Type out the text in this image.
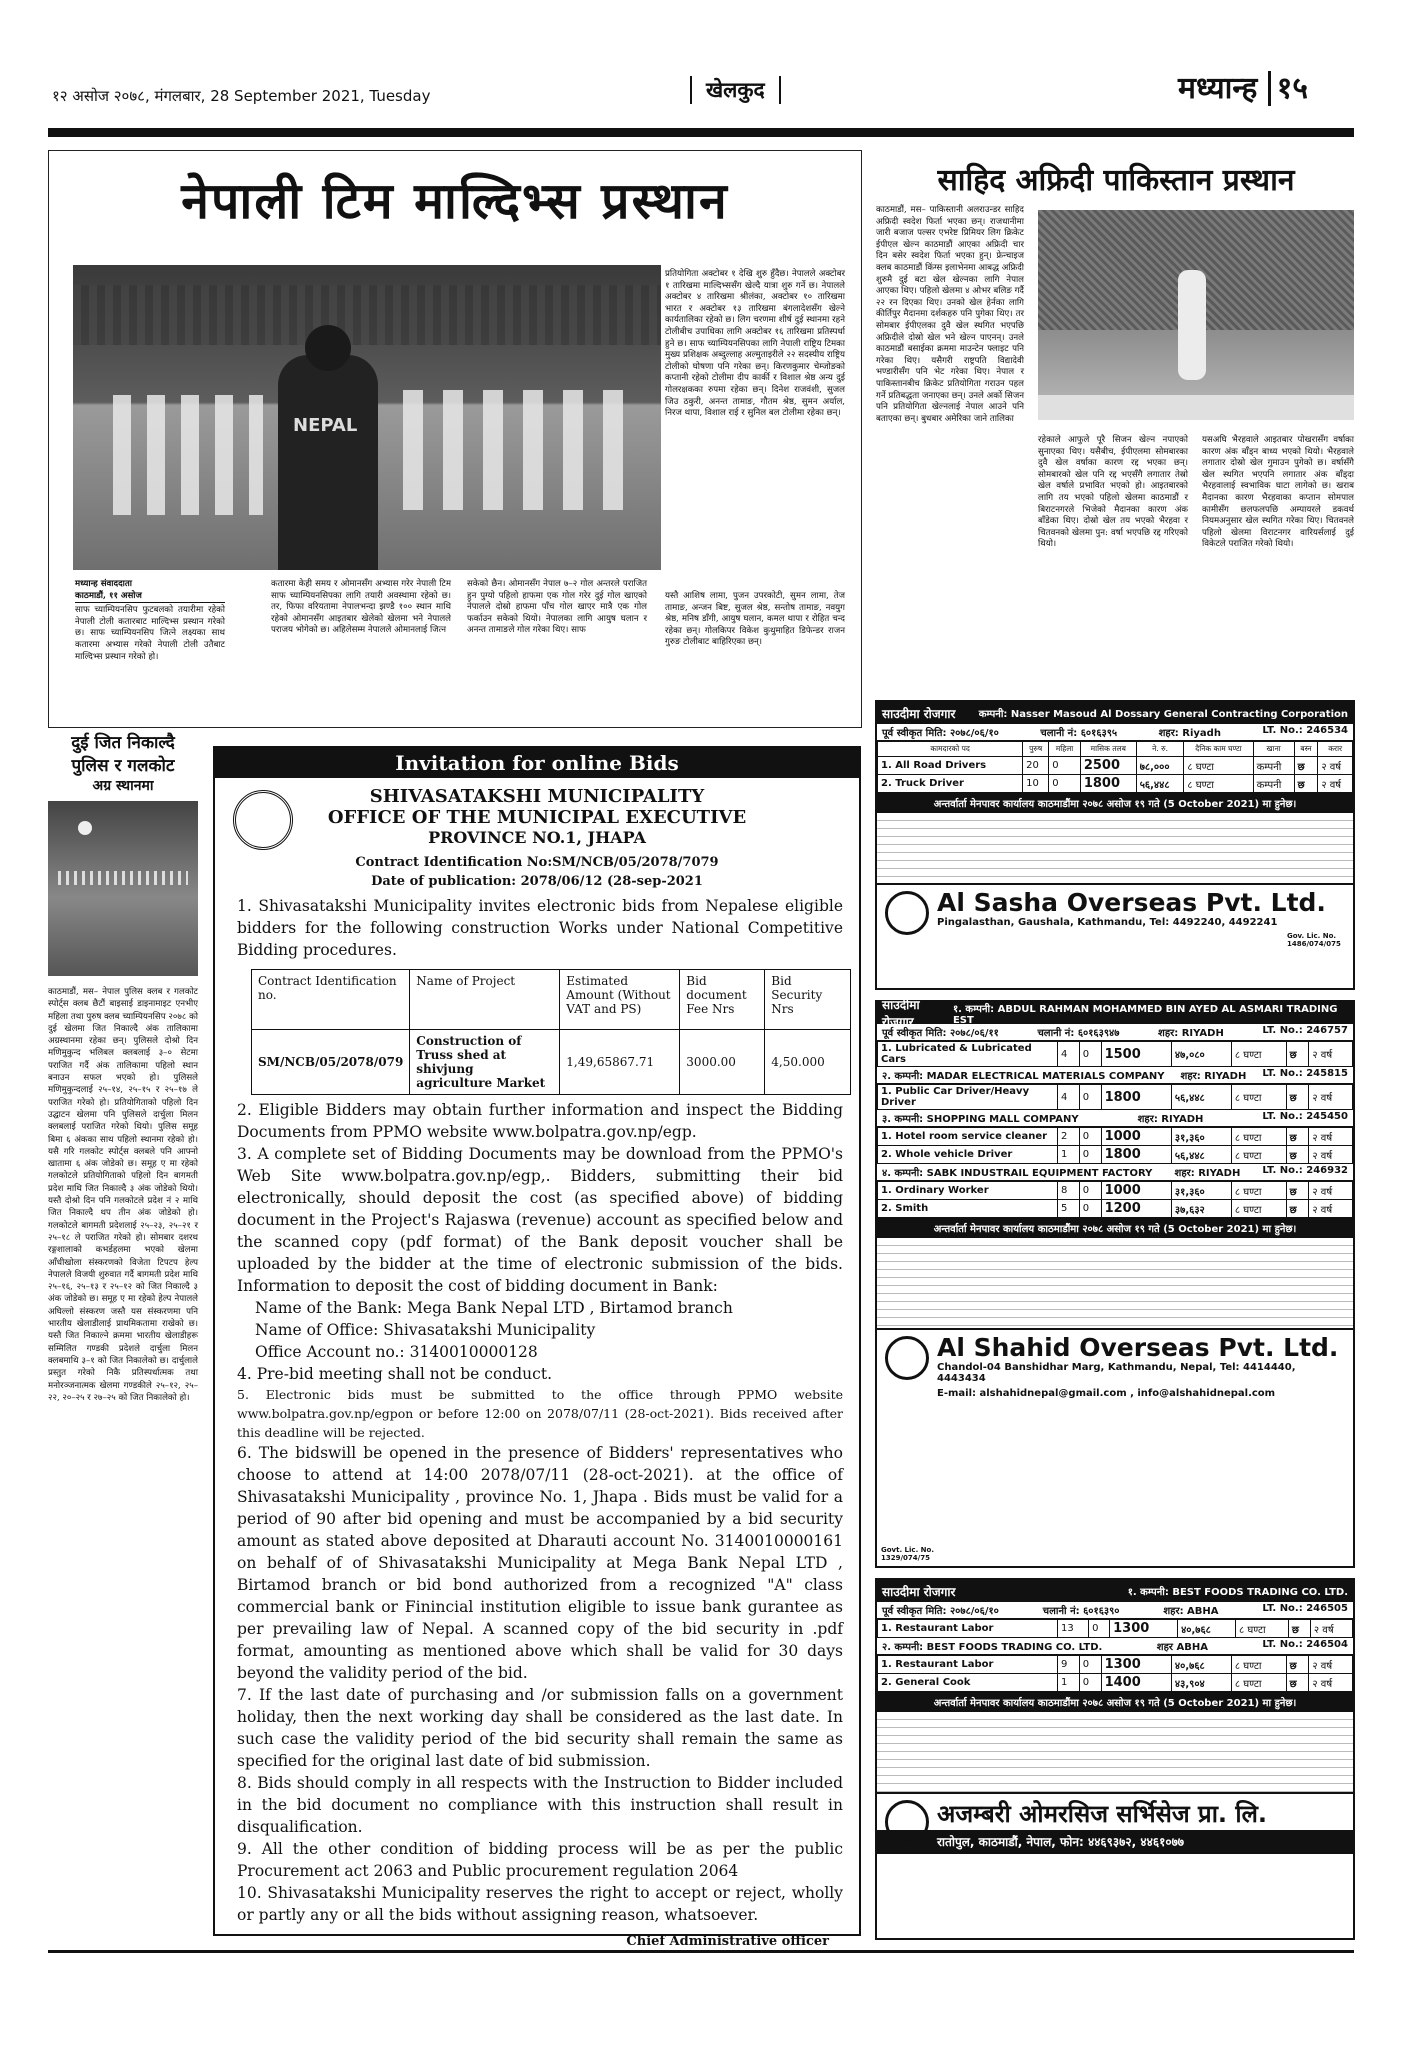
१२ असोज २०७८, मंगलबार, 28 September 2021, Tuesday	खेलकुद	मध्यान्ह १५
नेपाली टिम माल्दिभ्स प्रस्थान
NEPAL
मध्यान्ह संवाददाता
काठमाडौं, ११ असोज
साफ च्याम्पियनसिप फुटबलको तयारीमा रहेको नेपाली टोली कतारबाट माल्दिभ्स प्रस्थान गरेको छ। साफ च्याम्पियनसिप जित्ने लक्ष्यका साथ कतारमा अभ्यास गरेको नेपाली टोली उतैबाट माल्दिभ्स प्रस्थान गरेको हो।
कतारमा केही समय र ओमानसँग अभ्यास गरेर नेपाली टिम साफ च्याम्पियनसिपका लागि तयारी अवस्थामा रहेको छ। तर, फिफा वरियतामा नेपालभन्दा झण्डै १०० स्थान माथि रहेको ओमानसँग आइतबार खेलेको खेलमा भने नेपालले पराजय भोगेको छ। अहिलेसम्म नेपालले ओमानलाई जित्न
सकेको छैन। ओमानसँग नेपाल ७–२ गोल अन्तरले पराजित हुन पुग्यो पहिलो हाफमा एक गोल गरेर दुई गोल खाएको नेपालले दोस्रो हाफमा पाँच गोल खाएर मात्रै एक गोल फर्काउन सकेको थियो। नेपालका लागि आयुष घलान र अनन्त तामाङले गोल गरेका थिए। साफ
प्रतियोगिता अक्टोबर १ देखि शुरु हुँदैछ। नेपालले अक्टोबर १ तारिखमा माल्दिभ्ससँग खेल्दै यात्रा शुरु गर्ने छ। नेपालले अक्टोबर ४ तारिखमा श्रीलंका, अक्टोबर १० तारिखमा भारत र अक्टोबर १३ तारिखमा बंगलादेशसँग खेल्ने कार्यतालिका रहेको छ। लिग चरणमा शीर्ष दुई स्थानमा रहने टोलीबीच उपाधिका लागि अक्टोबर १६ तारिखमा प्रतिस्पर्धा हुने छ। साफ च्याम्पियनसिपका लागि नेपाली राष्ट्रिय टिमका मुख्य प्रशिक्षक अब्दुल्लाह अल्मुताइरीले २२ सदस्यीय राष्ट्रिय टोलीको घोषणा पनि गरेका छन्। किरणकुमार चेम्जोङको कप्तानी रहेको टोलीमा दीप कार्की र विशाल श्रेष्ठ अन्य दुई गोलरक्षकका रुपमा रहेका छन्। दिनेश राजवंशी, सुजल जिउ ठकुरी, अनन्त तामाङ, गौतम श्रेष्ठ, सुमन अर्याल, निरज थापा, विशाल राई र सुनिल बल टोलीमा रहेका छन्।
यस्तै आशिष लामा, पुजन उपरकोटी, सुमन लामा, तेज तामाङ, अन्जन बिष्ट, सुजल श्रेष्ठ, सन्तोष तामाङ, नवयुग श्रेष्ठ, मनिष डाँगी, आयुष घलान, कमल थापा र रोहित चन्द रहेका छन्। गोलकिपर विकेश कुथुमाहित डिफेन्डर राजन गुरुङ टोलीबाट बाहिरिएका छन्।
साहिद अफ्रिदी पाकिस्तान प्रस्थान
काठमाडौं, मस– पाकिस्तानी अलराउन्डर साहिद अफ्रिदी स्वदेश फिर्ता भएका छन्। राजधानीमा जारी बजाज पल्सर एभरेष्ट प्रिमियर लिग क्रिकेट ईपीएल खेल्न काठमाडौं आएका अफ्रिदी चार दिन बसेर स्वदेश फिर्ता भएका हुन्। फ्रेन्चाइज क्लब काठमाडौं किंग्स इलाभेनमा आबद्ध अफ्रिदी शुरुमै दुई बटा खेल खेल्नका लागि नेपाल आएका थिए। पहिलो खेलमा ४ ओभर बलिङ गर्दै २२ रन दिएका थिए। उनको खेल हेर्नका लागि कीर्तिपुर मैदानमा दर्शकहरु पनि पुगेका थिए। तर सोमबार ईपीएलका दुवै खेल स्थगित भएपछि अफ्रिदीले दोस्रो खेल भने खेल्न पाएनन्। उनले काठमाडौं बसाईका क्रममा माउन्टेन फ्लाइट पनि गरेका थिए। यसैगरी राष्ट्रपति विद्यादेवी भण्डारीसँग पनि भेट गरेका थिए। नेपाल र पाकिस्तानबीच क्रिकेट प्रतियोगिता गराउन पहल गर्ने प्रतिबद्धता जनाएका छन्। उनले अर्को सिजन पनि प्रतियोगिता खेल्नलाई नेपाल आउने पनि बताएका छन्। बुधबार अमेरिका जाने तालिका
रहेकाले आफुले पूरै सिजन खेल्न नपाएको सुनाएका थिए। यसैबीच, ईपीएलमा सोमबारका दुवै खेल वर्षाका कारण रद्द भएका छन्। सोमबारको खेल पनि रद्द भएसँगै लगातार तेस्रो खेल वर्षाले प्रभावित भएको हो। आइतबारको लागि तय भएको पहिलो खेलमा काठमाडौं र बिराटनगरले भिजेको मैदानका कारण अंक बाँडेका थिए। दोस्रो खेल तय भएको भैरहवा र चितवनको खेलमा पुन: वर्षा भएपछि रद्द गरिएको थियो।
यसअघि भैरहवाले आइतबार पोखरासँग वर्षाका कारण अंक बाँड्न बाध्य भएको थियो। भैरहवाले लगातार दोस्रो खेल गुमाउन पुगेको छ। वर्षासँगै खेल स्थगित भएपनि लगातार अंक बाँड्दा भैरहवालाई स्वभाविक घाटा लागेको छ। खराब मैदानका कारण भैरहवाका कप्तान सोमपाल कामीसँग छलफलपछि अम्पायरले डकवर्थ नियमअनुसार खेल स्थगित गरेका थिए। चितवनले पहिलो खेलमा विराटनगर वारियर्सलाई दुई विकेटले पराजित गरेको थियो।
दुई जित निकाल्दै
पुलिस र गलकोट
अग्र स्थानमा
काठमाडौं, मस– नेपाल पुलिस क्लब र गलकोट स्पोर्ट्स क्लब छैटौं बाइसाई डाइनामाइट एनभीए महिला तथा पुरुष क्लब च्याम्पियनसिप २०७८ को दुई खेलमा जित निकाल्दै अंक तालिकामा अग्रस्थानमा रहेका छन्। पुलिसले दोश्रो दिन मणिमुकुन्द भलिबल क्लबलाई ३–० सेटमा पराजित गर्दै अंक तालिकामा पहिलो स्थान बनाउन सफल भएको हो। पुलिसले मणिमुकुन्दलाई २५–१४, २५–१५ र २५–१७ ले पराजित गरेको हो। प्रतियोगिताको पहिलो दिन उद्घाटन खेलमा पनि पुलिसले दार्चुला मिलन क्लबलाई पराजित गरेको थियो। पुलिस समूह बिमा ६ अंकका साथ पहिलो स्थानमा रहेको हो। यसै गरि गलकोट स्पोर्ट्स क्लबले पनि आफ्नो खातामा ६ अंक जोडेको छ। समूह ए मा रहेको गलकोटले प्रतियोगिताको पहिलो दिन बागमती प्रदेश माथि जित निकाल्दै ३ अंक जोडेको थियो। यस्तै दोश्रो दिन पनि गलकोटले प्रदेश नं २ माथि जित निकाल्दै थप तीन अंक जोडेको हो। गलकोटले बागमती प्रदेशलाई २५–२३, २५–२१ र २५–१८ ले पराजित गरेको हो। सोमबार दशरथ रङ्गशालाको कभर्डहलमा भएको खेलमा आँधीखोला संस्करणको विजेता टिपटप हेल्प नेपालले विजयी शुरुवात गर्दै बागमती प्रदेश माथि २५–१६, २५–१३ र २५–१२ को जित निकाल्दै ३ अंक जोडेको छ। समूह ए मा रहेको हेल्प नेपालले अघिल्लो संस्करण जस्तै यस संस्करणमा पनि भारतीय खेलाडीलाई प्राथमिकतामा राखेको छ। यस्तै जित निकाल्ने क्रममा भारतीय खेलाडीहरू सम्मिलित गण्डकी प्रदेशले दार्चुला मिलन क्लबमाथि ३–१ को जित निकालेको छ। दार्चुलाले प्रस्तुत गरेको निकै प्रतिस्पर्धात्मक तथा मनोरञ्जनात्मक खेलमा गण्डकीले २५–१२, २५–२२, २०–२५ र २७–२५ को जित निकालेको हो।
Invitation for online Bids
SHIVASATAKSHI MUNICIPALITY
OFFICE OF THE MUNICIPAL EXECUTIVE
PROVINCE NO.1, JHAPA
Contract Identification No:SM/NCB/05/2078/7079
Date of publication: 2078/06/12 (28-sep-2021
1. Shivasatakshi Municipality invites electronic bids from Nepalese eligible bidders for the following construction Works under National Competitive Bidding procedures.
Contract Identification no.	Name of Project	Estimated Amount (Without VAT and PS)	Bid document Fee Nrs	Bid Security Nrs
SM/NCB/05/2078/079	Construction of Truss shed at shivjung agriculture Market	1,49,65867.71	3000.00	4,50.000
2. Eligible Bidders may obtain further information and inspect the Bidding Documents from PPMO website www.bolpatra.gov.np/egp.
3. A complete set of Bidding Documents may be download from the PPMO's Web Site www.bolpatra.gov.np/egp,. Bidders, submitting their bid electronically, should deposit the cost (as specified above) of bidding document in the Project's Rajaswa (revenue) account as specified below and the scanned copy (pdf format) of the Bank deposit voucher shall be uploaded by the bidder at the time of electronic submission of the bids. Information to deposit the cost of bidding document in Bank:
Name of the Bank: Mega Bank Nepal LTD , Birtamod branch
Name of Office: Shivasatakshi Municipality
Office Account no.: 3140010000128
4. Pre-bid meeting shall not be conduct.
5. Electronic bids must be submitted to the office through PPMO website www.bolpatra.gov.np/egpon or before 12:00 on 2078/07/11 (28-oct-2021). Bids received after this deadline will be rejected.
6. The bidswill be opened in the presence of Bidders' representatives who choose to attend at 14:00 2078/07/11 (28-oct-2021). at the office of Shivasatakshi Municipality , province No. 1, Jhapa . Bids must be valid for a period of 90 after bid opening and must be accompanied by a bid security amount as stated above deposited at Dharauti account No. 3140010000161 on behalf of of Shivasatakshi Municipality at Mega Bank Nepal LTD , Birtamod branch or bid bond authorized from a recognized "A" class commercial bank or Finincial institution eligible to issue bank gurantee as per prevailing law of Nepal. A scanned copy of the bid security in .pdf format, amounting as mentioned above which shall be valid for 30 days beyond the validity period of the bid.
7. If the last date of purchasing and /or submission falls on a government holiday, then the next working day shall be considered as the last date. In such case the validity period of the bid security shall remain the same as specified for the original last date of bid submission.
8. Bids should comply in all respects with the Instruction to Bidder included in the bid document no compliance with this instruction shall result in disqualification.
9. All the other condition of bidding process will be as per the public Procurement act 2063 and Public procurement regulation 2064
10. Shivasatakshi Municipality reserves the right to accept or reject, wholly or partly any or all the bids without assigning reason, whatsoever.
Chief Administrative officer
साउदीमा रोजगार कम्पनी: Nasser Masoud Al Dossary General Contracting Corporation
पूर्व स्वीकृत मिति: २०७८/०६/१०	चलानी नं: ६०१६३९५	शहर: Riyadh	LT. No.: 246534
कामदारको पद	पुरुष	महिला	मासिक तलब	ने. रु.	दैनिक काम घण्टा	खाना	बस्न	करार
1. All Road Drivers	20	0	2500	७८,०००	८ घण्टा	कम्पनी	छ	२ वर्ष
2. Truck Driver	10	0	1800	५६,४४८	८ घण्टा	कम्पनी	छ	२ वर्ष
अन्तर्वार्ता मेनपावर कार्यालय काठमाडौंमा २०७८ असोज १९ गते (5 October 2021) मा हुनेछ।
Al Sasha Overseas Pvt. Ltd.
Pingalasthan, Gaushala, Kathmandu, Tel: 4492240, 4492241
Gov. Lic. No. 1486/074/075
साउदीमा रोजगार
१. कम्पनी: ABDUL RAHMAN MOHAMMED BIN AYED AL ASMARI TRADING EST
पूर्व स्वीकृत मिति: २०७८/०६/११	चलानी नं: ६०१६३९४७	शहर: RIYADH	LT. No.: 246757
1. Lubricated & Lubricated Cars	4	0	1500	४७,०८०	८ घण्टा	छ	२ वर्ष
२. कम्पनी: MADAR ELECTRICAL MATERIALS COMPANY शहर: RIYADH LT. No.: 245815
1. Public Car Driver/Heavy Driver	4	0	1800	५६,४४८	८ घण्टा	छ	२ वर्ष
३. कम्पनी: SHOPPING MALL COMPANY	शहर: RIYADH	LT. No.: 245450
1. Hotel room service cleaner	2	0	1000	३१,३६०	८ घण्टा	छ	२ वर्ष
2. Whole vehicle Driver	1	0	1800	५६,४४८	८ घण्टा	छ	२ वर्ष
४. कम्पनी: SABK INDUSTRAIL EQUIPMENT FACTORY शहर: RIYADH LT. No.: 246932
1. Ordinary Worker	8	0	1000	३१,३६०	८ घण्टा	छ	२ वर्ष
2. Smith	5	0	1200	३७,६३२	८ घण्टा	छ	२ वर्ष
अन्तर्वार्ता मेनपावर कार्यालय काठमाडौंमा २०७८ असोज १९ गते (5 October 2021) मा हुनेछ।
Al Shahid Overseas Pvt. Ltd.
Chandol-04 Banshidhar Marg, Kathmandu, Nepal, Tel: 4414440, 4443434
E-mail: alshahidnepal@gmail.com , info@alshahidnepal.com
Govt. Lic. No. 1329/074/75
साउदीमा रोजगार	१. कम्पनी: BEST FOODS TRADING CO. LTD.
पूर्व स्वीकृत मिति: २०७८/०६/१०	चलानी नं: ६०१६३९०	शहर: ABHA	LT. No.: 246505
1. Restaurant Labor	13	0	1300	४०,७६८	८ घण्टा	छ	२ वर्ष
२. कम्पनी: BEST FOODS TRADING CO. LTD.	शहर ABHA	LT. No.: 246504
1. Restaurant Labor	9	0	1300	४०,७६८	८ घण्टा	छ	२ वर्ष
2. General Cook	1	0	1400	४३,९०४	८ घण्टा	छ	२ वर्ष
अन्तर्वार्ता मेनपावर कार्यालय काठमाडौंमा २०७८ असोज १९ गते (5 October 2021) मा हुनेछ।
अजम्बरी ओमरसिज सर्भिसेज प्रा. लि.
रातोपुल, काठमाडौं, नेपाल, फोन: ४४६९३७२, ४४६१०७७
